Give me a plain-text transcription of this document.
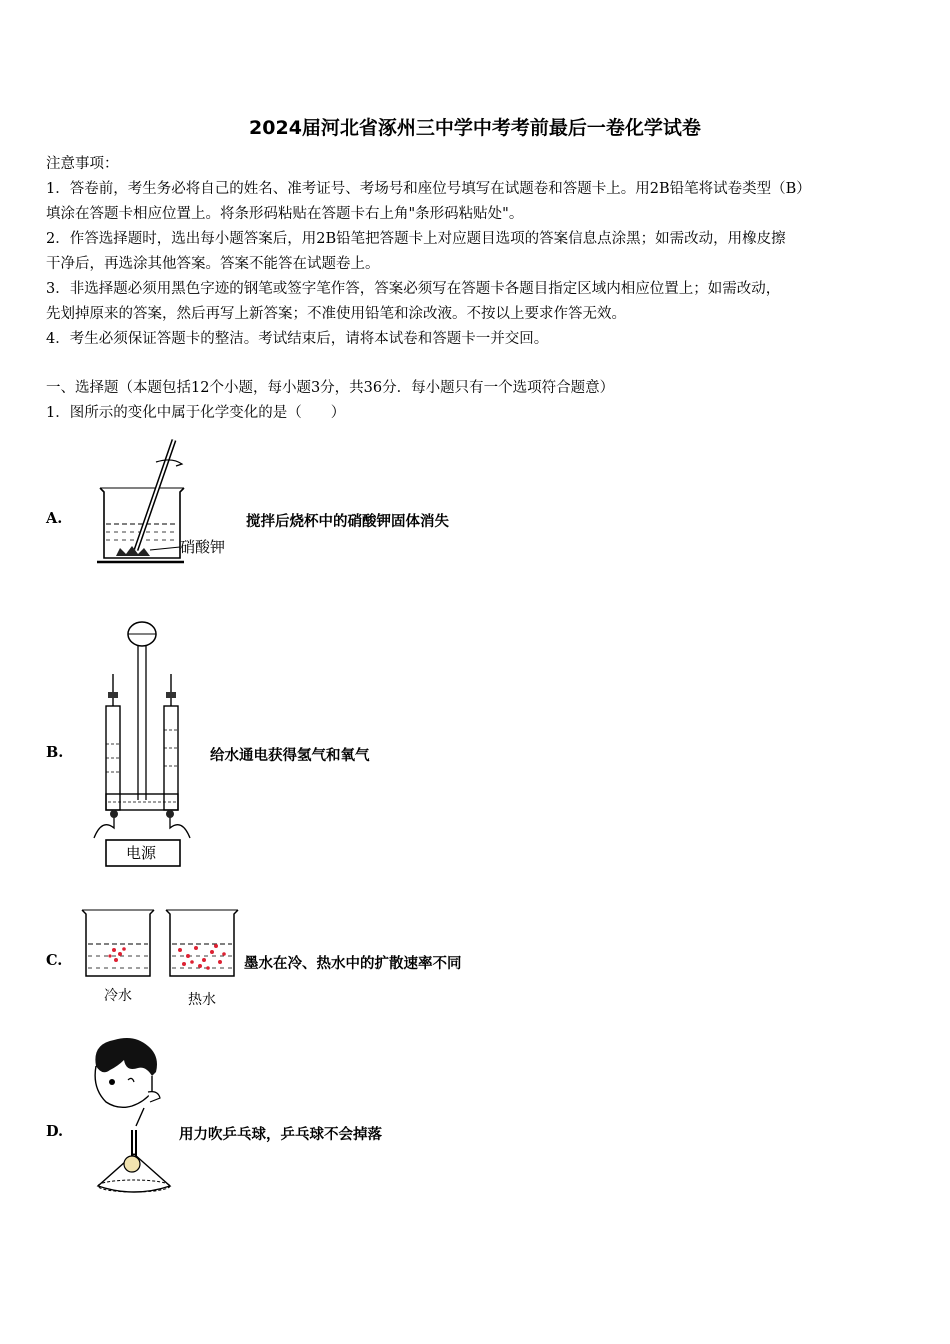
2024届河北省涿州三中学中考考前最后一卷化学试卷
注意事项：
1．答卷前，考生务必将自己的姓名、准考证号、考场号和座位号填写在试题卷和答题卡上。用2B铅笔将试卷类型（B）
填涂在答题卡相应位置上。将条形码粘贴在答题卡右上角"条形码粘贴处"。
2．作答选择题时，选出每小题答案后，用2B铅笔把答题卡上对应题目选项的答案信息点涂黑；如需改动，用橡皮擦
干净后，再选涂其他答案。答案不能答在试题卷上。
3．非选择题必须用黑色字迹的钢笔或签字笔作答，答案必须写在答题卡各题目指定区域内相应位置上；如需改动，
先划掉原来的答案，然后再写上新答案；不准使用铅笔和涂改液。不按以上要求作答无效。
4．考生必须保证答题卡的整洁。考试结束后，请将本试卷和答题卡一并交回。
一、选择题（本题包括12个小题，每小题3分，共36分．每小题只有一个选项符合题意）
1．图所示的变化中属于化学变化的是（　　）
A.
硝酸钾
搅拌后烧杯中的硝酸钾固体消失
B.
电源
给水通电获得氢气和氧气
C.
冷水	热水
墨水在冷、热水中的扩散速率不同
D.	用力吹乒乓球，乒乓球不会掉落
